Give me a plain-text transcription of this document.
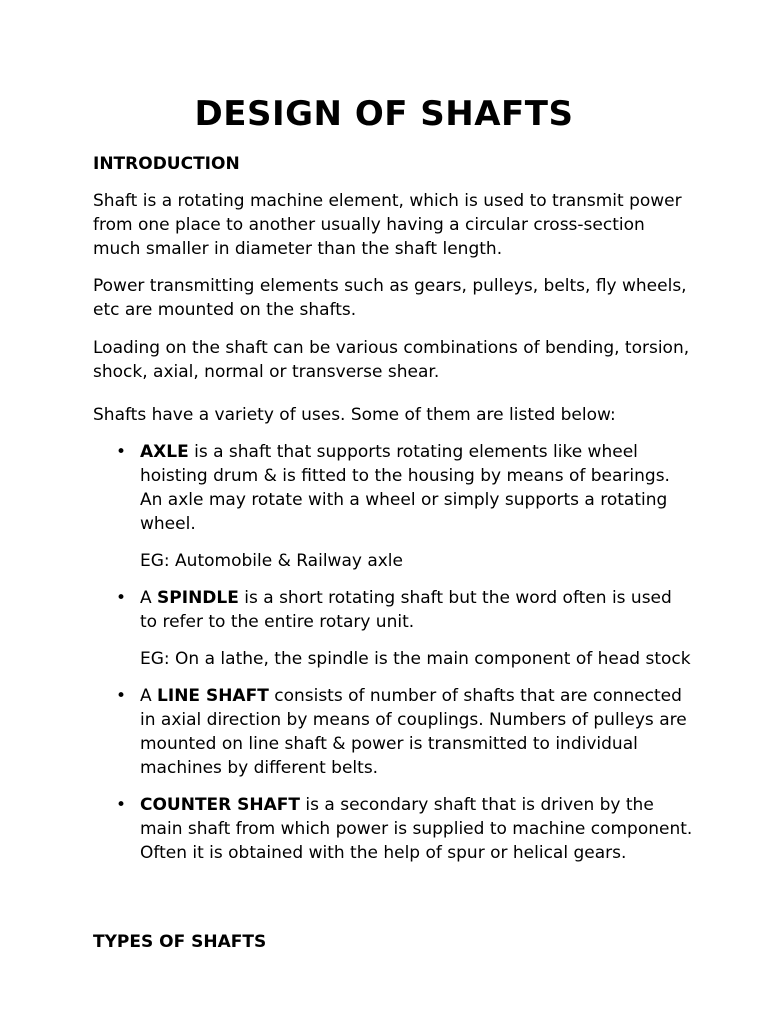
DESIGN OF SHAFTS
INTRODUCTION

Shaft is a rotating machine element, which is used to transmit power from one place to another usually having a circular cross-section much smaller in diameter than the shaft length.

Power transmitting elements such as gears, pulleys, belts, fly wheels, etc are mounted on the shafts.

Loading on the shaft can be various combinations of bending, torsion, shock, axial, normal or transverse shear.

Shafts have a variety of uses. Some of them are listed below:

• AXLE is a shaft that supports rotating elements like wheel hoisting drum & is fitted to the housing by means of bearings. An axle may rotate with a wheel or simply supports a rotating wheel.

EG: Automobile & Railway axle

• A SPINDLE is a short rotating shaft but the word often is used to refer to the entire rotary unit.

EG: On a lathe, the spindle is the main component of head stock

• A LINE SHAFT consists of number of shafts that are connected in axial direction by means of couplings. Numbers of pulleys are mounted on line shaft & power is transmitted to individual machines by different belts.

• COUNTER SHAFT is a secondary shaft that is driven by the main shaft from which power is supplied to machine component. Often it is obtained with the help of spur or helical gears.

TYPES OF SHAFTS
